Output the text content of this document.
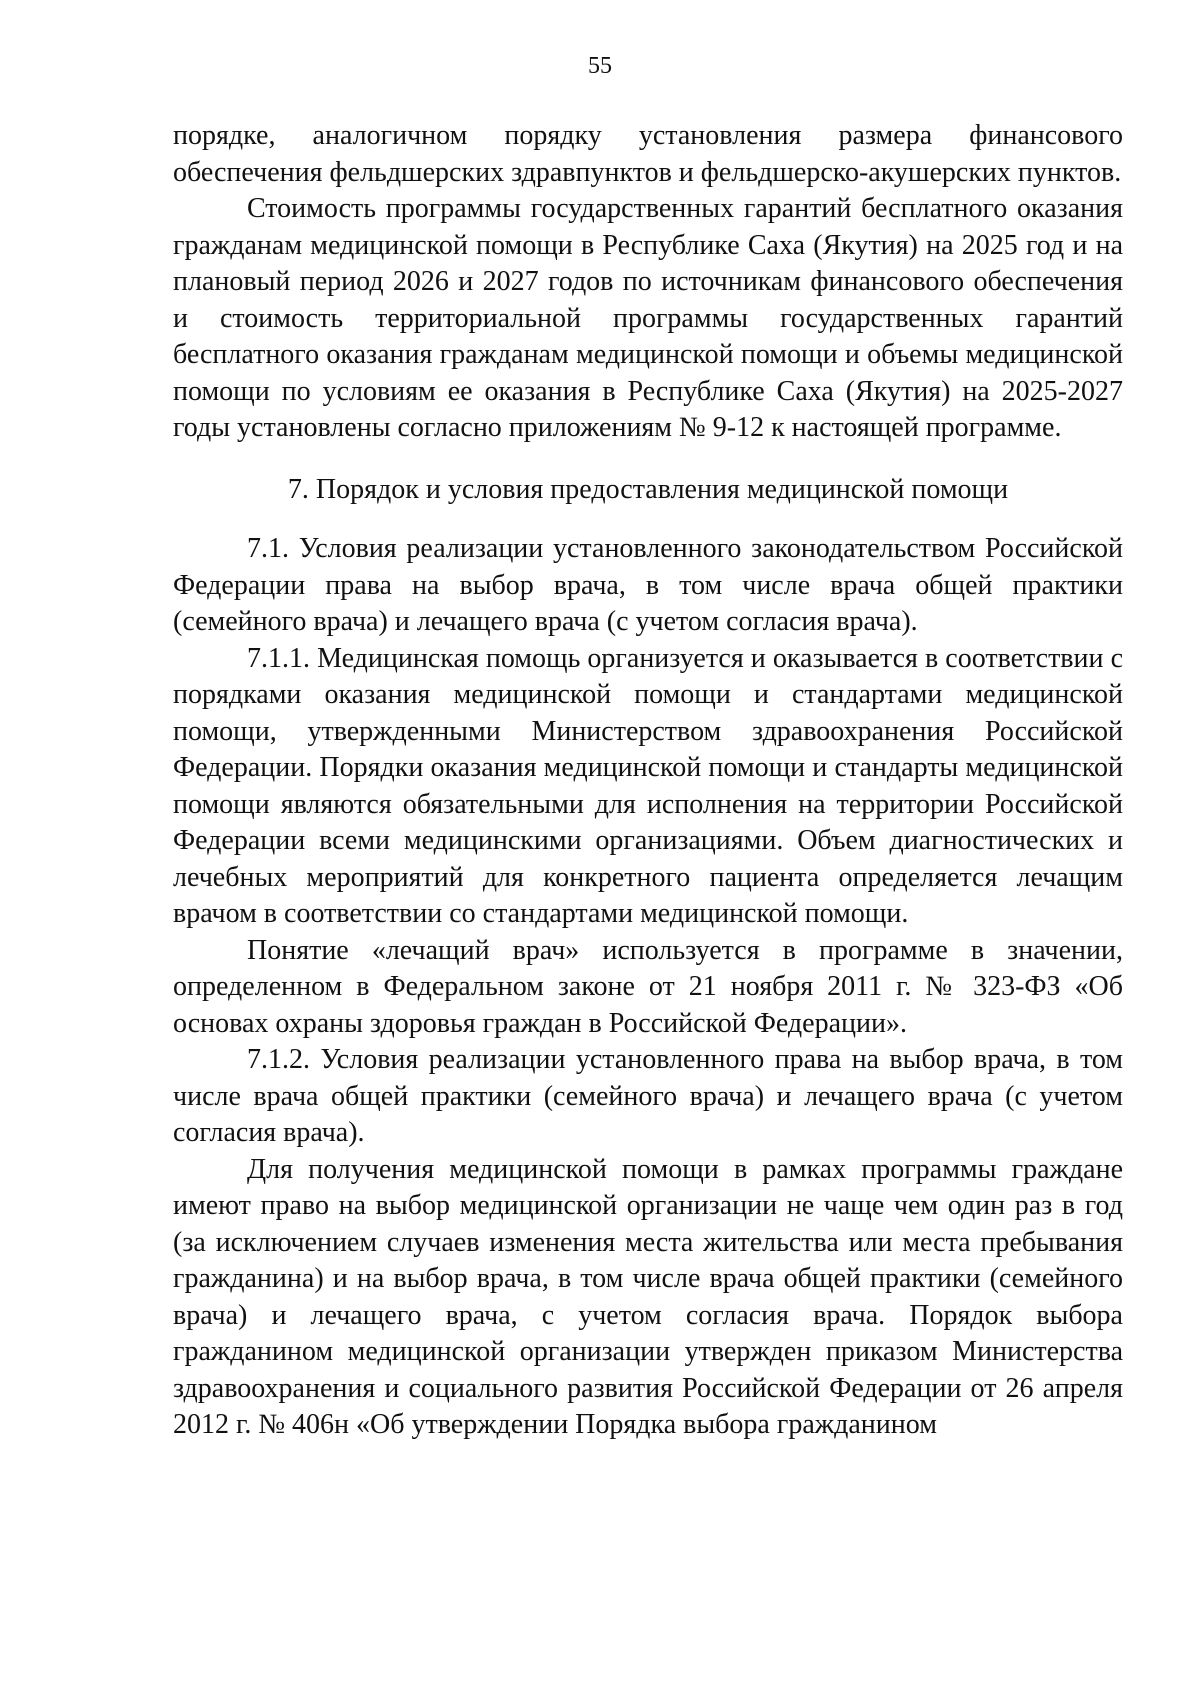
55

порядке, аналогичном порядку установления размера финансового обеспечения фельдшерских здравпунктов и фельдшерско-акушерских пунктов.

Стоимость программы государственных гарантий бесплатного оказания гражданам медицинской помощи в Республике Саха (Якутия) на 2025 год и на плановый период 2026 и 2027 годов по источникам финансового обеспечения и стоимость территориальной программы государственных гарантий бесплатного оказания гражданам медицинской помощи и объемы медицинской помощи по условиям ее оказания в Республике Саха (Якутия) на 2025-2027 годы установлены согласно приложениям № 9-12 к настоящей программе.

7. Порядок и условия предоставления медицинской помощи

7.1. Условия реализации установленного законодательством Российской Федерации права на выбор врача, в том числе врача общей практики (семейного врача) и лечащего врача (с учетом согласия врача).

7.1.1. Медицинская помощь организуется и оказывается в соответствии с порядками оказания медицинской помощи и стандартами медицинской помощи, утвержденными Министерством здравоохранения Российской Федерации. Порядки оказания медицинской помощи и стандарты медицинской помощи являются обязательными для исполнения на территории Российской Федерации всеми медицинскими организациями. Объем диагностических и лечебных мероприятий для конкретного пациента определяется лечащим врачом в соответствии со стандартами медицинской помощи.

Понятие «лечащий врач» используется в программе в значении, определенном в Федеральном законе от 21 ноября 2011 г. № 323-ФЗ «Об основах охраны здоровья граждан в Российской Федерации».

7.1.2. Условия реализации установленного права на выбор врача, в том числе врача общей практики (семейного врача) и лечащего врача (с учетом согласия врача).

Для получения медицинской помощи в рамках программы граждане имеют право на выбор медицинской организации не чаще чем один раз в год (за исключением случаев изменения места жительства или места пребывания гражданина) и на выбор врача, в том числе врача общей практики (семейного врача) и лечащего врача, с учетом согласия врача. Порядок выбора гражданином медицинской организации утвержден приказом Министерства здравоохранения и социального развития Российской Федерации от 26 апреля 2012 г. № 406н «Об утверждении Порядка выбора гражданином
